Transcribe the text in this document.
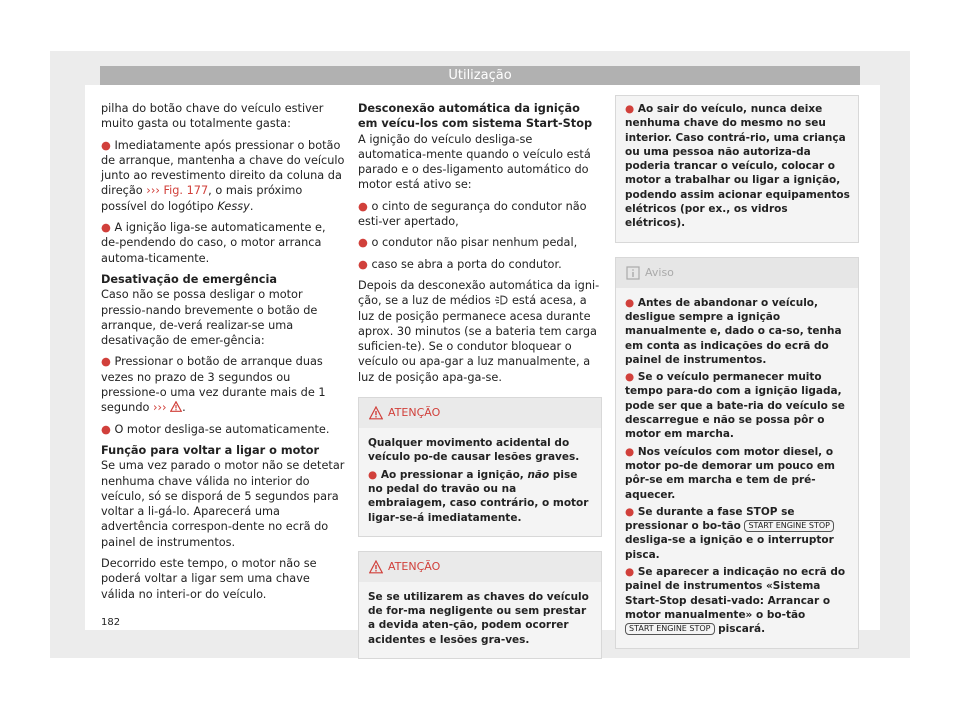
Utilização

pilha do botão chave do veículo estiver muito gasta ou totalmente gasta:

● Imediatamente após pressionar o botão de arranque, mantenha a chave do veículo junto ao revestimento direito da coluna da direção ››› Fig. 177, o mais próximo possível do logótipo Kessy.

● A ignição liga-se automaticamente e, de-pendendo do caso, o motor arranca automa-ticamente.

Desativação de emergência

Caso não se possa desligar o motor pressio-nando brevemente o botão de arranque, de-verá realizar-se uma desativação de emer-gência:

● Pressionar o botão de arranque duas vezes no prazo de 3 segundos ou pressione-o uma vez durante mais de 1 segundo ››› .

● O motor desliga-se automaticamente.

Função para voltar a ligar o motor

Se uma vez parado o motor não se detetar nenhuma chave válida no interior do veículo, só se disporá de 5 segundos para voltar a li-gá-lo. Aparecerá uma advertência correspon-dente no ecrã do painel de instrumentos.

Decorrido este tempo, o motor não se poderá voltar a ligar sem uma chave válida no interi-or do veículo.

Desconexão automática da ignição em veícu-los com sistema Start-Stop

A ignição do veículo desliga-se automatica-mente quando o veículo está parado e o des-ligamento automático do motor está ativo se:

● o cinto de segurança do condutor não esti-ver apertado,

● o condutor não pisar nenhum pedal,

● caso se abra a porta do condutor.

Depois da desconexão automática da igni-ção, se a luz de médios está acesa, a luz de posição permanece acesa durante aprox. 30 minutos (se a bateria tem carga suficien-te). Se o condutor bloquear o veículo ou apa-gar a luz manualmente, a luz de posição apa-ga-se.

ATENÇÃO

Qualquer movimento acidental do veículo po-de causar lesões graves.

● Ao pressionar a ignição, não pise no pedal do travão ou na embraiagem, caso contrário, o motor ligar-se-á imediatamente.

ATENÇÃO

Se se utilizarem as chaves do veículo de for-ma negligente ou sem prestar a devida aten-ção, podem ocorrer acidentes e lesões gra-ves.

● Ao sair do veículo, nunca deixe nenhuma chave do mesmo no seu interior. Caso contrá-rio, uma criança ou uma pessoa não autoriza-da poderia trancar o veículo, colocar o motor a trabalhar ou ligar a ignição, podendo assim acionar equipamentos elétricos (por ex., os vidros elétricos).

Aviso

● Antes de abandonar o veículo, desligue sempre a ignição manualmente e, dado o ca-so, tenha em conta as indicações do ecrã do painel de instrumentos.

● Se o veículo permanecer muito tempo para-do com a ignição ligada, pode ser que a bate-ria do veículo se descarregue e não se possa pôr o motor em marcha.

● Nos veículos com motor diesel, o motor po-de demorar um pouco em pôr-se em marcha e tem de pré-aquecer.

● Se durante a fase STOP se pressionar o bo-tão START ENGINE STOP desliga-se a ignição e o interruptor pisca.

● Se aparecer a indicação no ecrã do painel de instrumentos «Sistema Start-Stop desati-vado: Arrancar o motor manualmente» o bo-tão START ENGINE STOP piscará.

182
